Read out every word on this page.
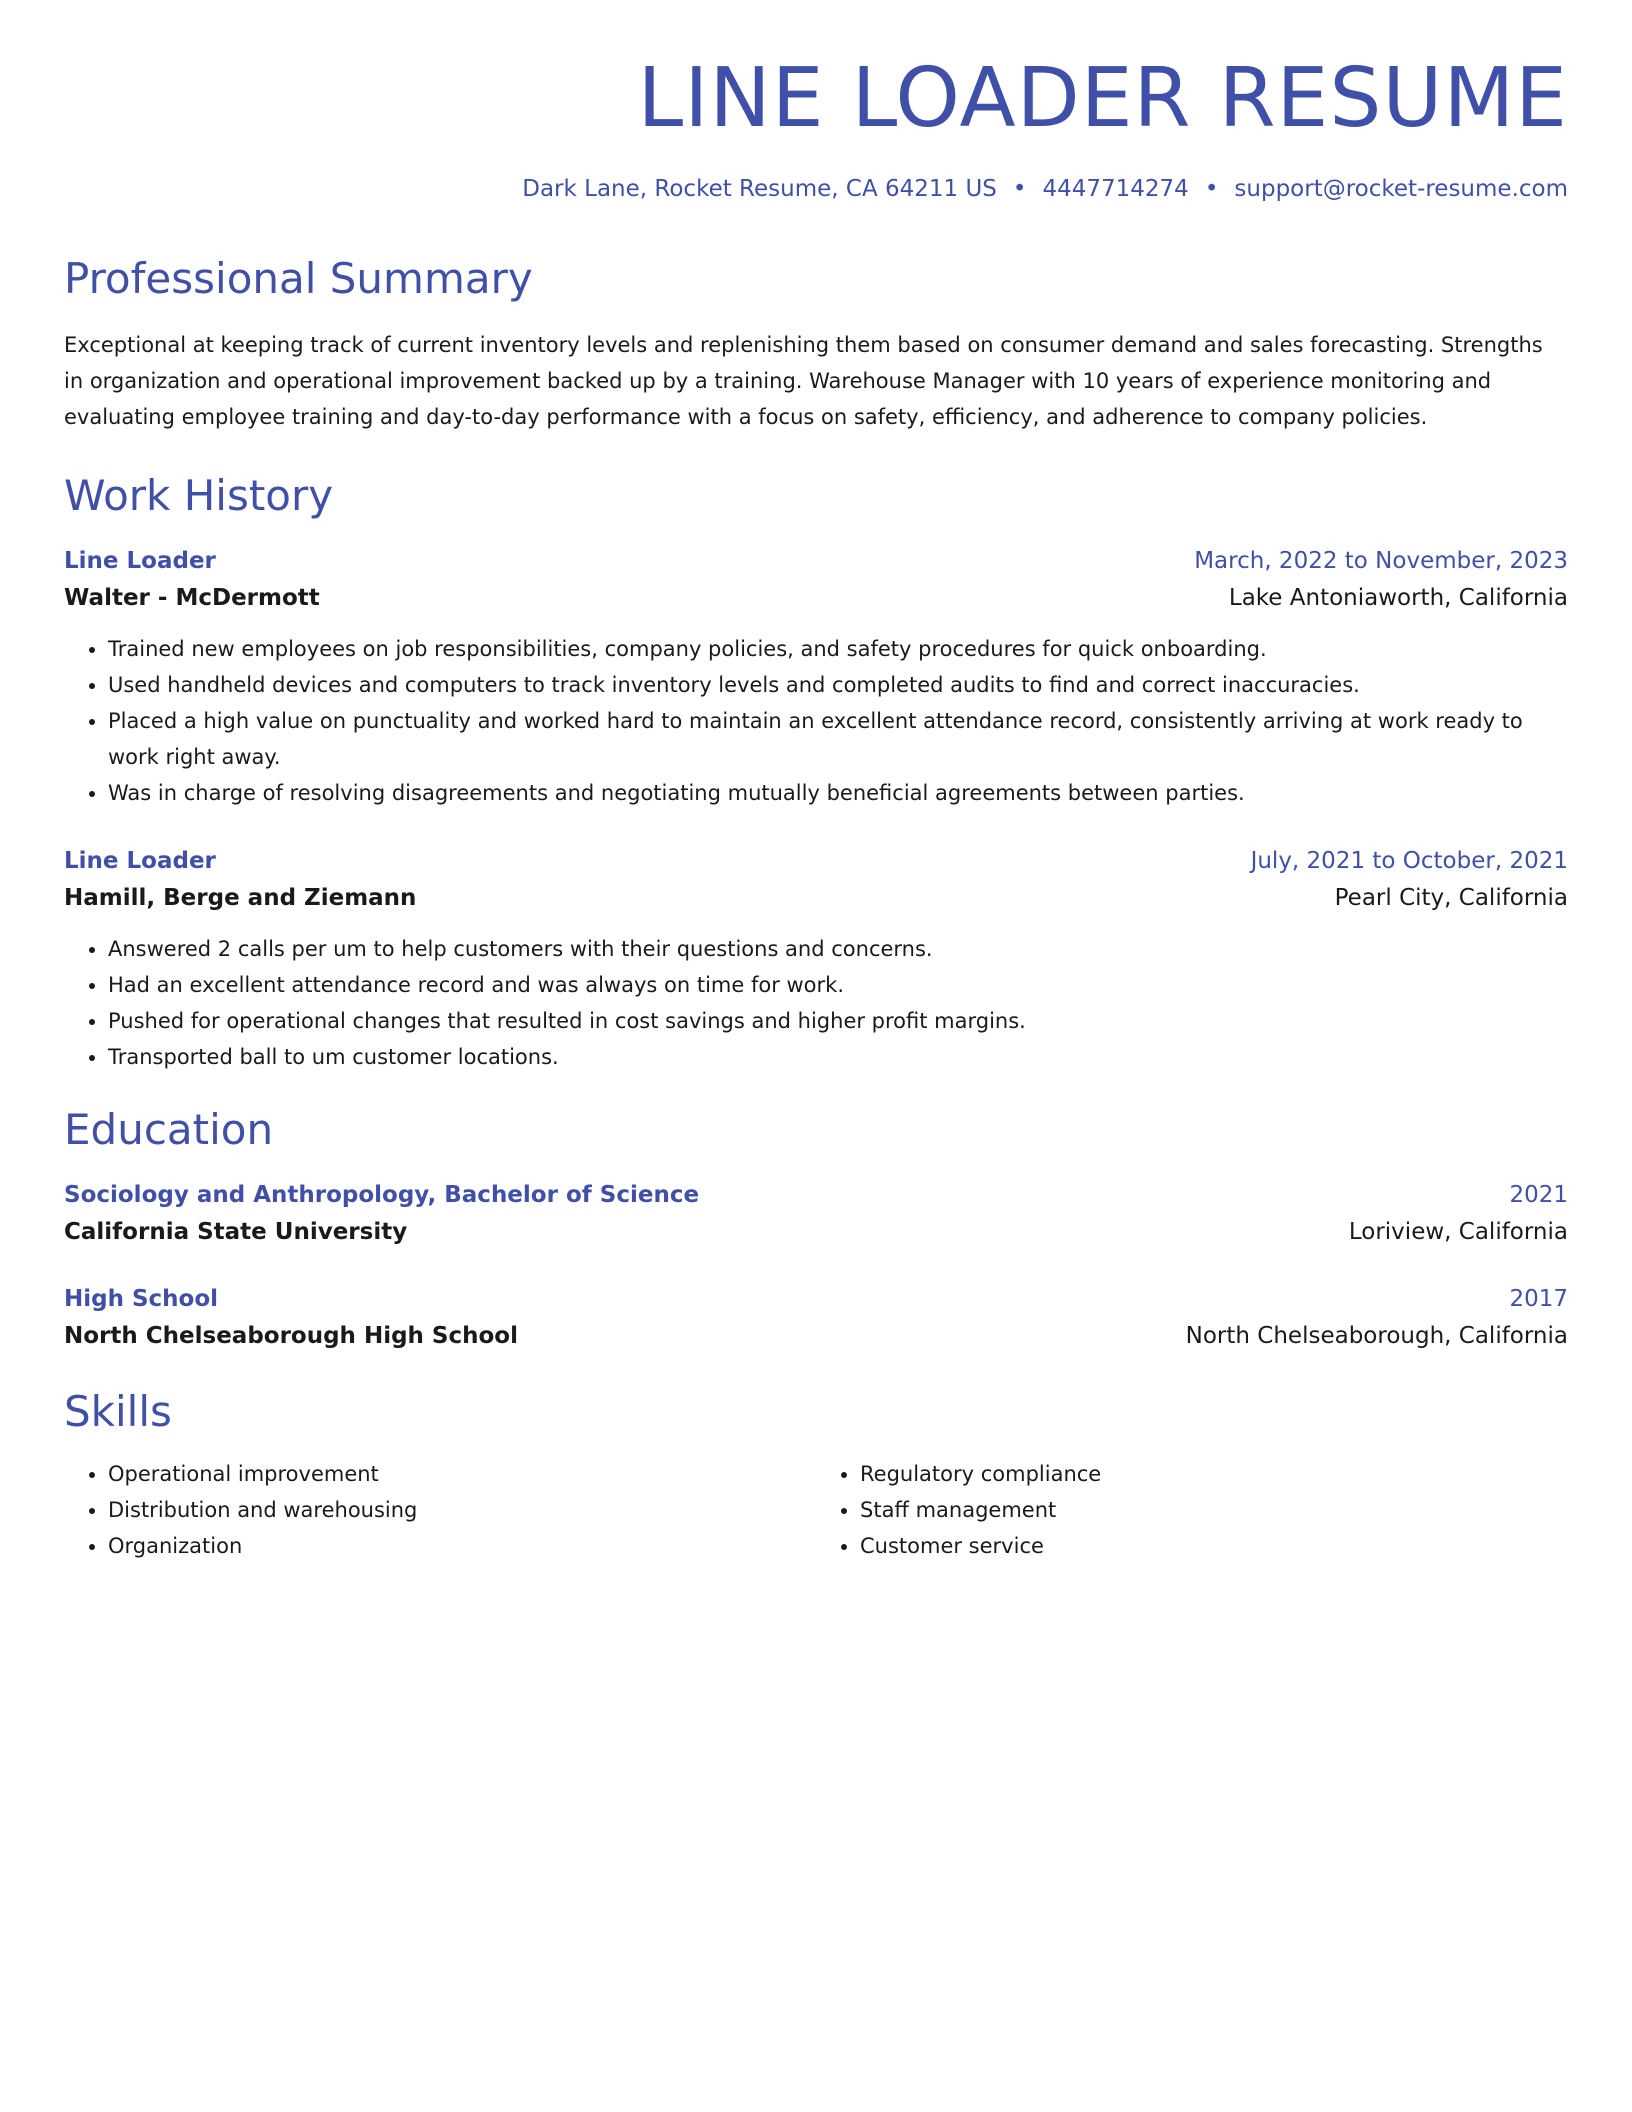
LINE LOADER RESUME
Dark Lane, Rocket Resume, CA 64211 US • 4447714274 • support@rocket-resume.com
Professional Summary
Exceptional at keeping track of current inventory levels and replenishing them based on consumer demand and sales forecasting. Strengths in organization and operational improvement backed up by a training. Warehouse Manager with 10 years of experience monitoring and evaluating employee training and day-to-day performance with a focus on safety, efficiency, and adherence to company policies.
Work History
Line Loader	March, 2022 to November, 2023
Walter - McDermott	Lake Antoniaworth, California
• Trained new employees on job responsibilities, company policies, and safety procedures for quick onboarding.
• Used handheld devices and computers to track inventory levels and completed audits to find and correct inaccuracies.
• Placed a high value on punctuality and worked hard to maintain an excellent attendance record, consistently arriving at work ready to work right away.
• Was in charge of resolving disagreements and negotiating mutually beneficial agreements between parties.
Line Loader	July, 2021 to October, 2021
Hamill, Berge and Ziemann	Pearl City, California
• Answered 2 calls per um to help customers with their questions and concerns.
• Had an excellent attendance record and was always on time for work.
• Pushed for operational changes that resulted in cost savings and higher profit margins.
• Transported ball to um customer locations.
Education
Sociology and Anthropology, Bachelor of Science	2021
California State University	Loriview, California
High School	2017
North Chelseaborough High School	North Chelseaborough, California
Skills
• Operational improvement
• Distribution and warehousing
• Organization
• Regulatory compliance
• Staff management
• Customer service
